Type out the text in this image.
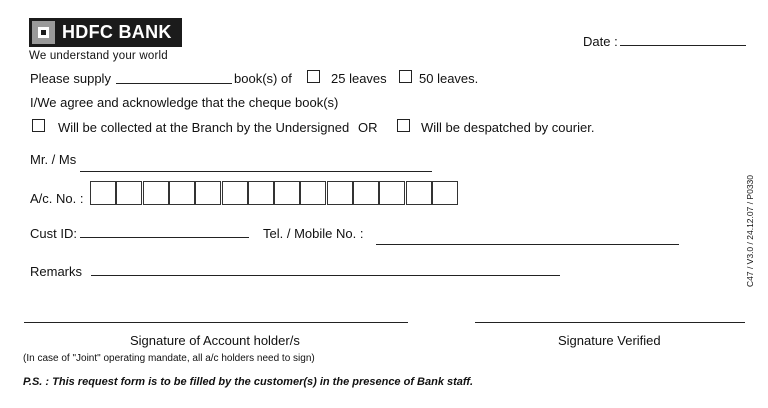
HDFC BANK
We understand your world
Date :
Please supply	book(s) of	25 leaves 50 leaves.
I/We agree and acknowledge that the cheque book(s)
Will be collected at the Branch by the Undersigned OR	Will be despatched by courier.
Mr. / Ms
A/c. No. :
Cust ID:	Tel. / Mobile No. :
Remarks
Signature of Account holder/s	Signature Verified
(In case of "Joint" operating mandate, all a/c holders need to sign)
P.S. : This request form is to be filled by the customer(s) in the presence of Bank staff.
C47 / V3.0 / 24.12.07 / P0330
